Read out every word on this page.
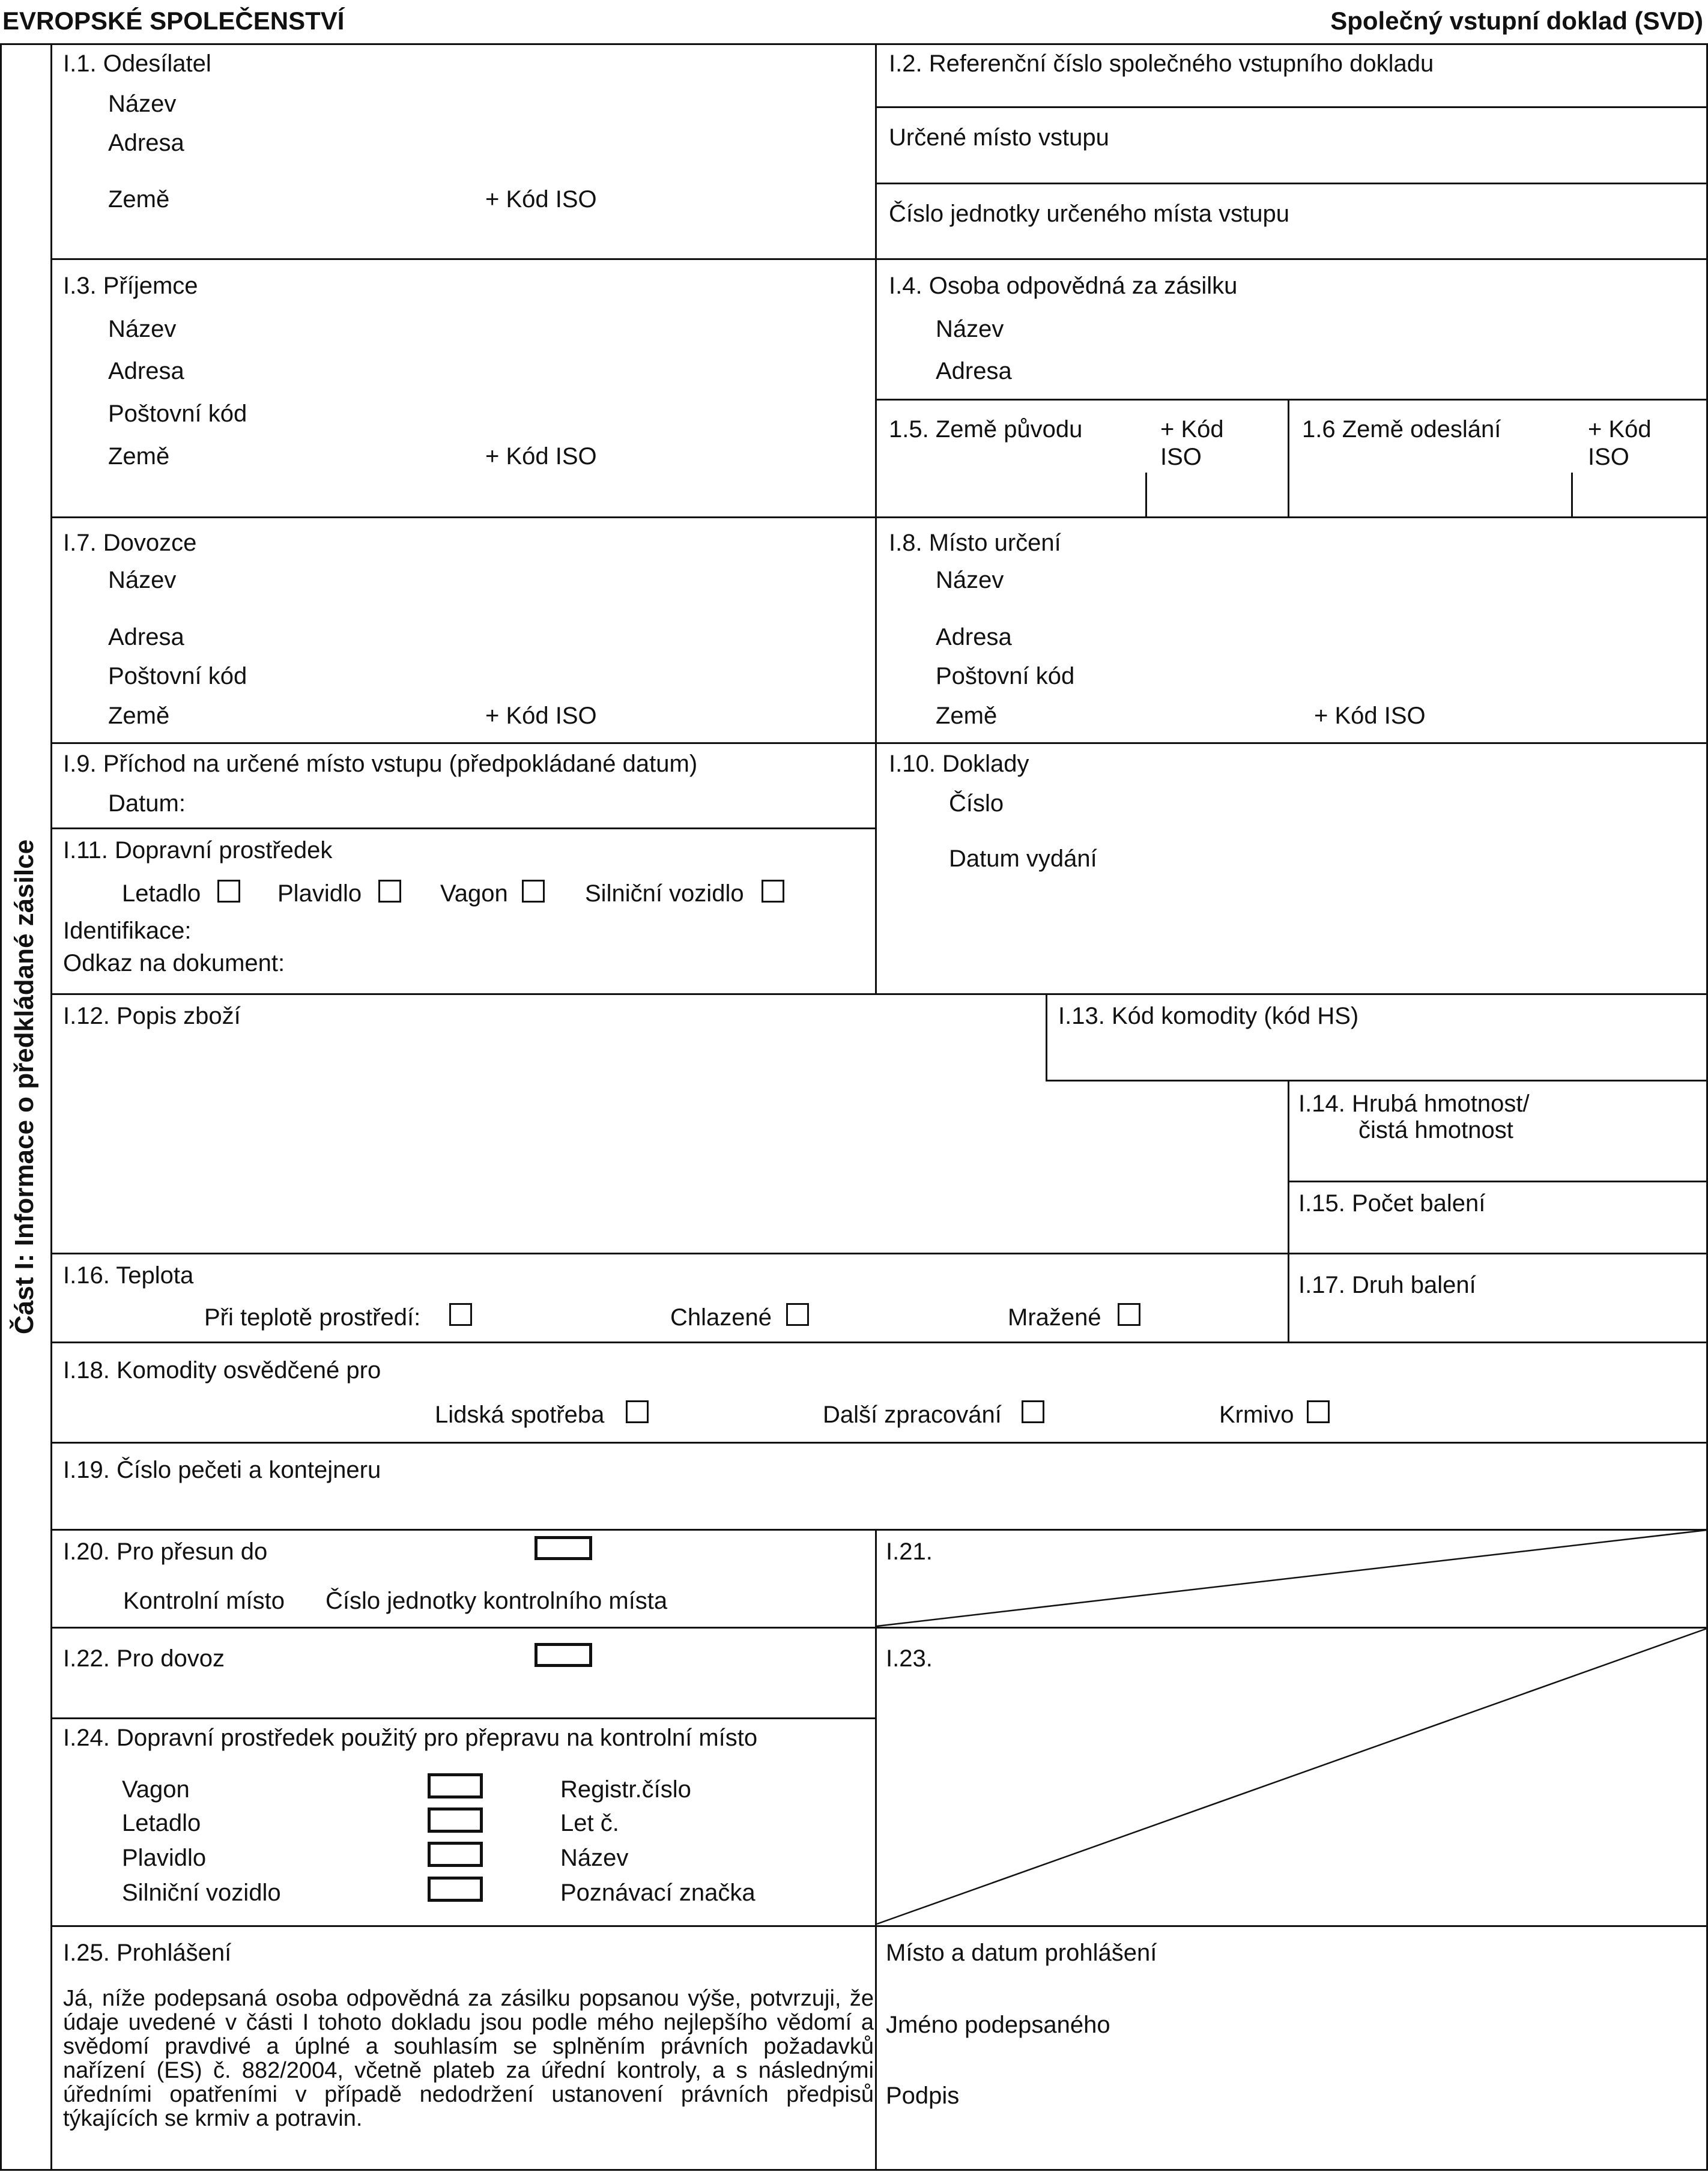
EVROPSKÉ SPOLEČENSTVÍ	Společný vstupní doklad (SVD)
Část I: Informace o předkládané zásilce
I.1. Odesílatel
Název
Adresa
Země	+ Kód ISO
I.2. Referenční číslo společného vstupního dokladu
Určené místo vstupu
Číslo jednotky určeného místa vstupu
I.3. Příjemce
Název
Adresa
Poštovní kód
Země	+ Kód ISO
I.4. Osoba odpovědná za zásilku
Název
Adresa
1.5. Země původu	+ Kód
ISO
1.6 Země odeslání	+ Kód
ISO
I.7. Dovozce
Název
Adresa
Poštovní kód
Země	+ Kód ISO
I.8. Místo určení
Název
Adresa
Poštovní kód
Země	+ Kód ISO
I.9. Příchod na určené místo vstupu (předpokládané datum)
Datum:
I.10. Doklady
Číslo
Datum vydání
I.11. Dopravní prostředek
Letadlo	Plavidlo	Vagon	Silniční vozidlo
Identifikace:
Odkaz na dokument:
I.12. Popis zboží	I.13. Kód komodity (kód HS)
I.14. Hrubá hmotnost/
čistá hmotnost
I.15. Počet balení
I.16. Teplota
Při teplotě prostředí:	Chlazené	Mražené
I.17. Druh balení
I.18. Komodity osvědčené pro
Lidská spotřeba	Další zpracování	Krmivo
I.19. Číslo pečeti a kontejneru
I.20. Pro přesun do
Kontrolní místo Číslo jednotky kontrolního místa
I.21.
I.22. Pro dovoz	I.23.
I.24. Dopravní prostředek použitý pro přepravu na kontrolní místo
Vagon	Registr.číslo
Letadlo	Let č.
Plavidlo	Název
Silniční vozidlo	Poznávací značka
I.25. Prohlášení
Já, níže podepsaná osoba odpovědná za zásilku popsanou výše, potvrzuji, že údaje uvedené v části I tohoto dokladu jsou podle mého nejlepšího vědomí a svědomí pravdivé a úplné a souhlasím se splněním právních požadavků nařízení (ES) č. 882/2004, včetně plateb za úřední kontroly, a s následnými úředními opatřeními v případě nedodržení ustanovení právních předpisů týkajících se krmiv a potravin.
Místo a datum prohlášení
Jméno podepsaného
Podpis
